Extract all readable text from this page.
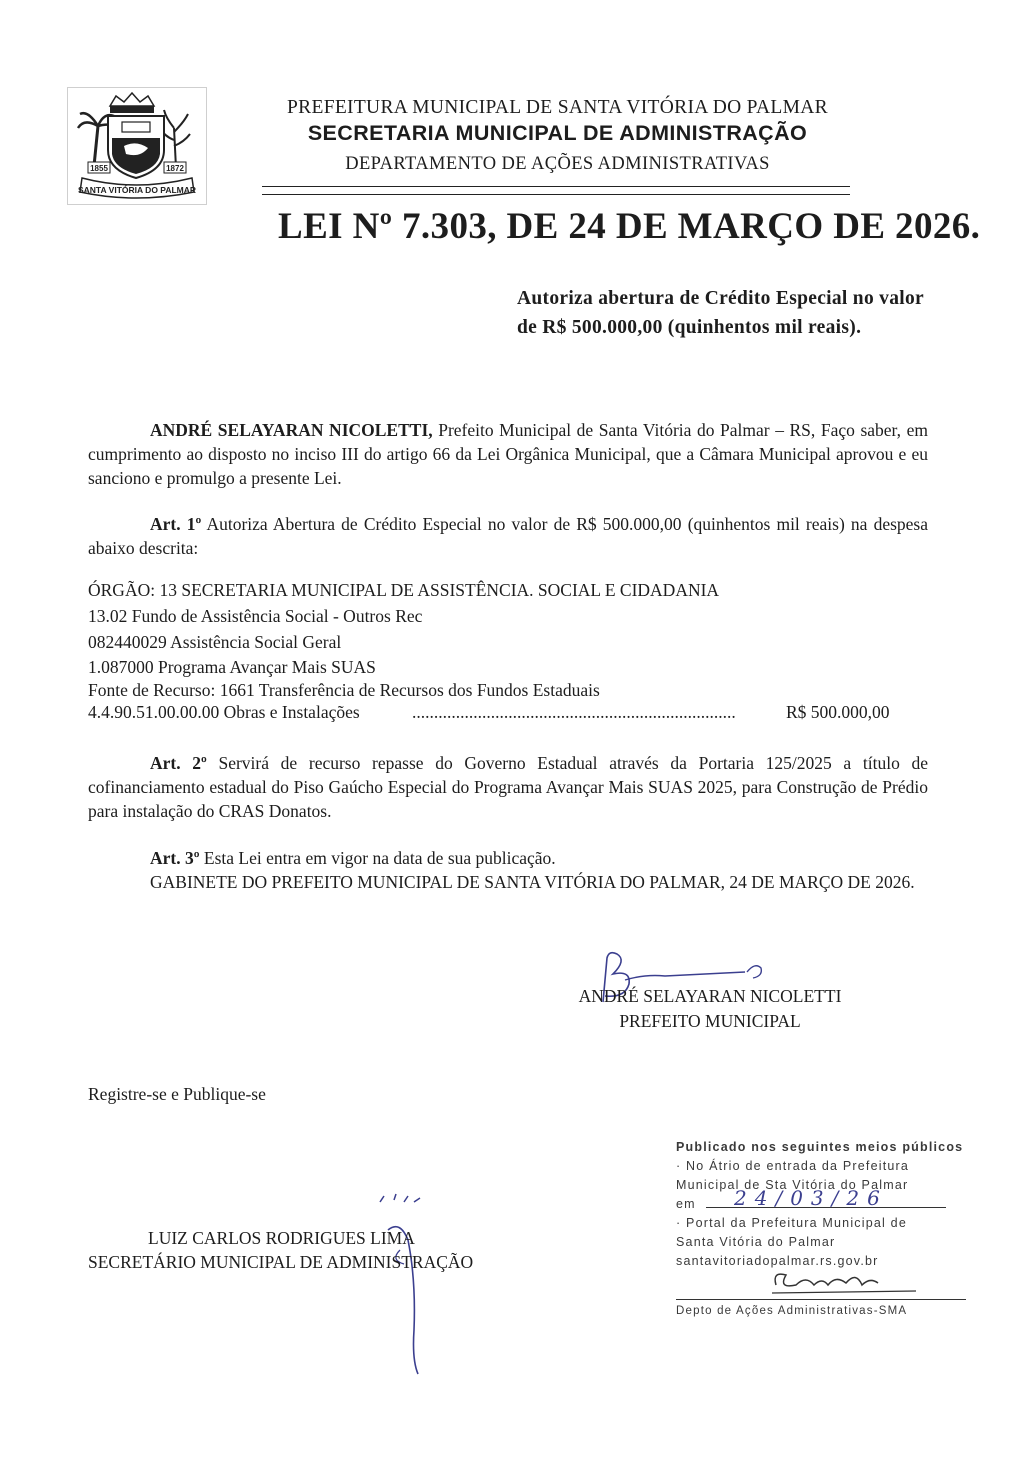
1855	1872
SANTA VITÓRIA DO PALMAR
PREFEITURA MUNICIPAL DE SANTA VITÓRIA DO PALMAR
SECRETARIA MUNICIPAL DE ADMINISTRAÇÃO
DEPARTAMENTO DE AÇÕES ADMINISTRATIVAS
LEI Nº 7.303, DE 24 DE MARÇO DE 2026.
Autoriza abertura de Crédito Especial no valor de R$ 500.000,00 (quinhentos mil reais).
ANDRÉ SELAYARAN NICOLETTI, Prefeito Municipal de Santa Vitória do Palmar – RS, Faço saber, em cumprimento ao disposto no inciso III do artigo 66 da Lei Orgânica Municipal, que a Câmara Municipal aprovou e eu sanciono e promulgo a presente Lei.
Art. 1º Autoriza Abertura de Crédito Especial no valor de R$ 500.000,00 (quinhentos mil reais) na despesa abaixo descrita:
ÓRGÃO: 13 SECRETARIA MUNICIPAL DE ASSISTÊNCIA. SOCIAL E CIDADANIA
13.02 Fundo de Assistência Social - Outros Rec
082440029 Assistência Social Geral
1.087000 Programa Avançar Mais SUAS
Fonte de Recurso: 1661 Transferência de Recursos dos Fundos Estaduais
4.4.90.51.00.00.00 Obras e Instalações	..........................................................................	R$ 500.000,00
Art. 2º Servirá de recurso repasse do Governo Estadual através da Portaria 125/2025 a título de cofinanciamento estadual do Piso Gaúcho Especial do Programa Avançar Mais SUAS 2025, para Construção de Prédio para instalação do CRAS Donatos.
Art. 3º Esta Lei entra em vigor na data de sua publicação.
GABINETE DO PREFEITO MUNICIPAL DE SANTA VITÓRIA DO PALMAR, 24 DE MARÇO DE 2026.
ANDRÉ SELAYARAN NICOLETTI
PREFEITO MUNICIPAL
Registre-se e Publique-se
LUIZ CARLOS RODRIGUES LIMA
SECRETÁRIO MUNICIPAL DE ADMINISTRAÇÃO
Publicado nos seguintes meios públicos
· No Átrio de entrada da Prefeitura
Municipal de Sta Vitória do Palmar
em 24/03/26
· Portal da Prefeitura Municipal de
Santa Vitória do Palmar
santavitoriadopalmar.rs.gov.br
Depto de Ações Administrativas-SMA
